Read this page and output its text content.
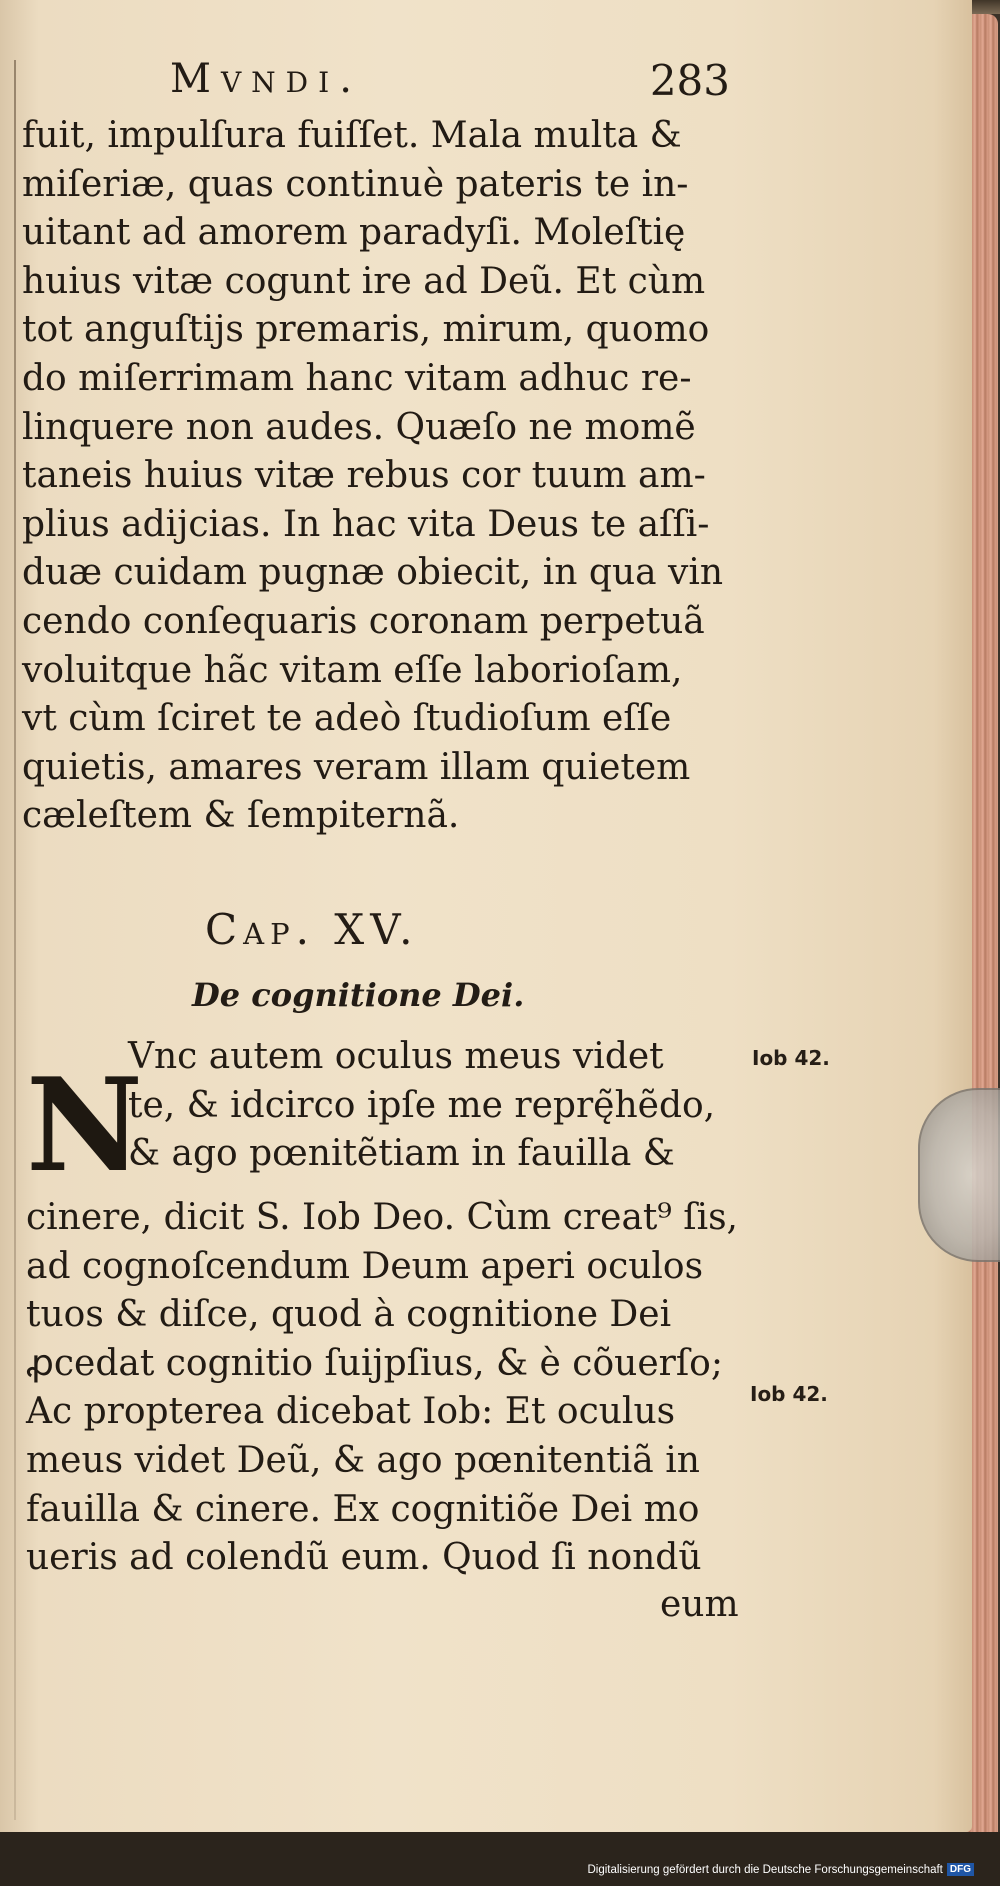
Mvndi.	283
fuit, impulſura fuiſſet. Mala multa &
miſeriæ, quas continuè pateris te in-
uitant ad amorem paradyſi. Moleſtię
huius vitæ cogunt ire ad Deũ. Et cùm
tot anguſtijs premaris, mirum, quomo
do miſerrimam hanc vitam adhuc re-
linquere non audes. Quæſo ne momẽ
taneis huius vitæ rebus cor tuum am-
plius adijcias. In hac vita Deus te aſſi-
duæ cuidam pugnæ obiecit, in qua vin
cendo conſequaris coronam perpetuã
voluitque hãc vitam eſſe laborioſam,
vt cùm ſciret te adeò ſtudioſum eſſe
quietis, amares veram illam quietem
cæleſtem & ſempiternã.
Cap. XV.
De cognitione Dei.
N
Vnc autem oculus meus videt
te, & idcirco ipſe me reprę̃hẽdo,
& ago pœnitẽtiam in fauilla &
cinere, dicit S. Iob Deo. Cùm creat⁹ ſis,
ad cognoſcendum Deum aperi oculos
tuos & diſce, quod à cognitione Dei
ꝓcedat cognitio ſuijpſius, & è cõuerſo;
Ac propterea dicebat Iob: Et oculus
meus videt Deũ, & ago pœnitentiã in
fauilla & cinere. Ex cognitiõe Dei mo
ueris ad colendũ eum. Quod ſi nondũ
eum
Iob 42.
Iob 42.
Digitalisierung gefördert durch die Deutsche Forschungsgemeinschaft DFG
